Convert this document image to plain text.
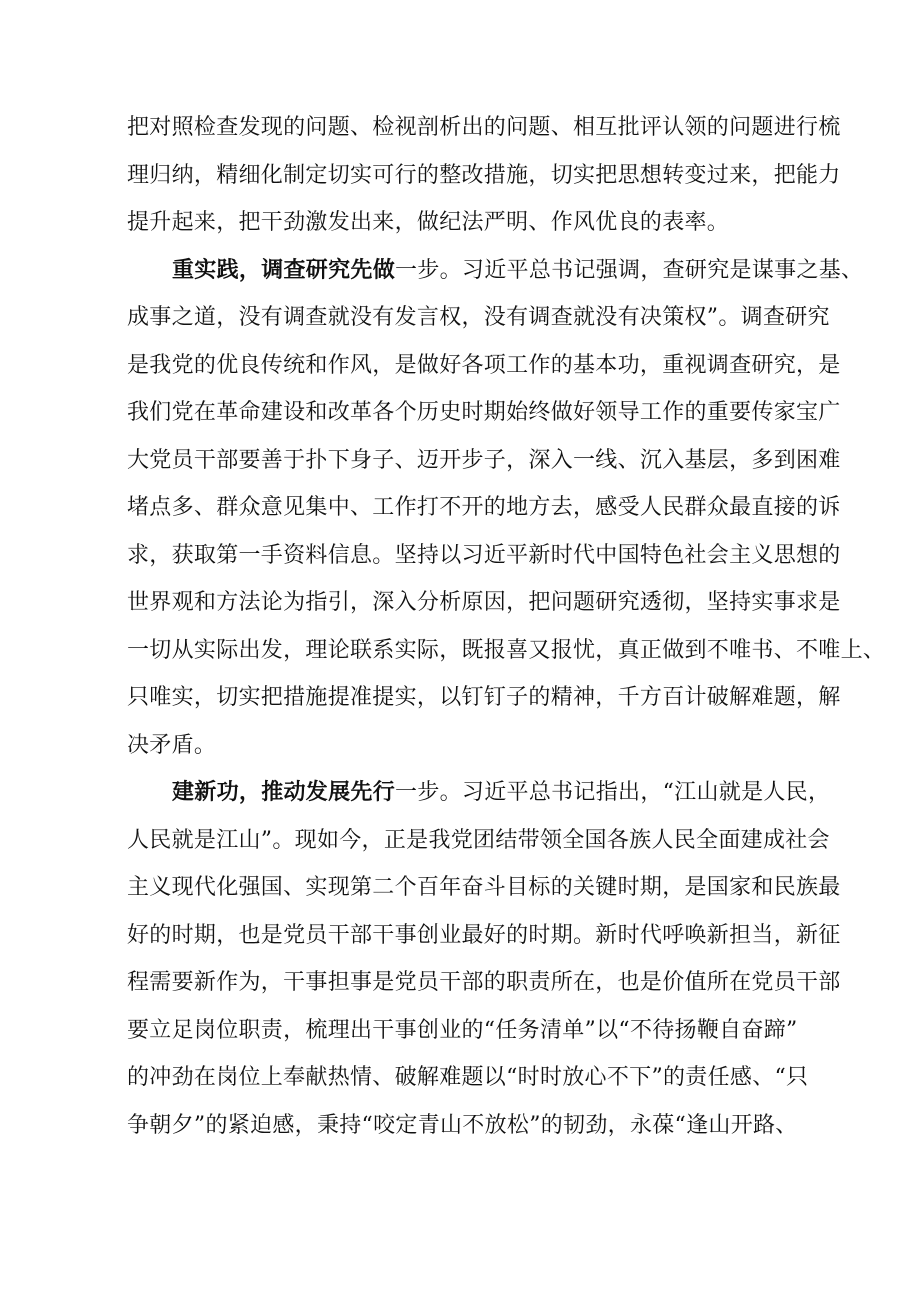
把对照检查发现的问题、检视剖析出的问题、相互批评认领的问题进行梳
理归纳，精细化制定切实可行的整改措施，切实把思想转变过来，把能力
提升起来，把干劲激发出来，做纪法严明、作风优良的表率。
重实践，调查研究先做一步。习近平总书记强调，查研究是谋事之基、
成事之道，没有调查就没有发言权，没有调查就没有决策权”。调查研究
是我党的优良传统和作风，是做好各项工作的基本功，重视调查研究，是
我们党在革命建设和改革各个历史时期始终做好领导工作的重要传家宝广
大党员干部要善于扑下身子、迈开步子，深入一线、沉入基层，多到困难
堵点多、群众意见集中、工作打不开的地方去，感受人民群众最直接的诉
求，获取第一手资料信息。坚持以习近平新时代中国特色社会主义思想的
世界观和方法论为指引，深入分析原因，把问题研究透彻，坚持实事求是
一切从实际出发，理论联系实际，既报喜又报忧，真正做到不唯书、不唯上、
只唯实，切实把措施提准提实，以钉钉子的精神，千方百计破解难题，解
决矛盾。
建新功，推动发展先行一步。习近平总书记指出，“江山就是人民，
人民就是江山”。现如今，正是我党团结带领全国各族人民全面建成社会
主义现代化强国、实现第二个百年奋斗目标的关键时期，是国家和民族最
好的时期，也是党员干部干事创业最好的时期。新时代呼唤新担当，新征
程需要新作为，干事担事是党员干部的职责所在，也是价值所在党员干部
要立足岗位职责，梳理出干事创业的“任务清单”以“不待扬鞭自奋蹄”
的冲劲在岗位上奉献热情、破解难题以“时时放心不下”的责任感、“只
争朝夕”的紧迫感，秉持“咬定青山不放松”的韧劲，永葆“逢山开路、
